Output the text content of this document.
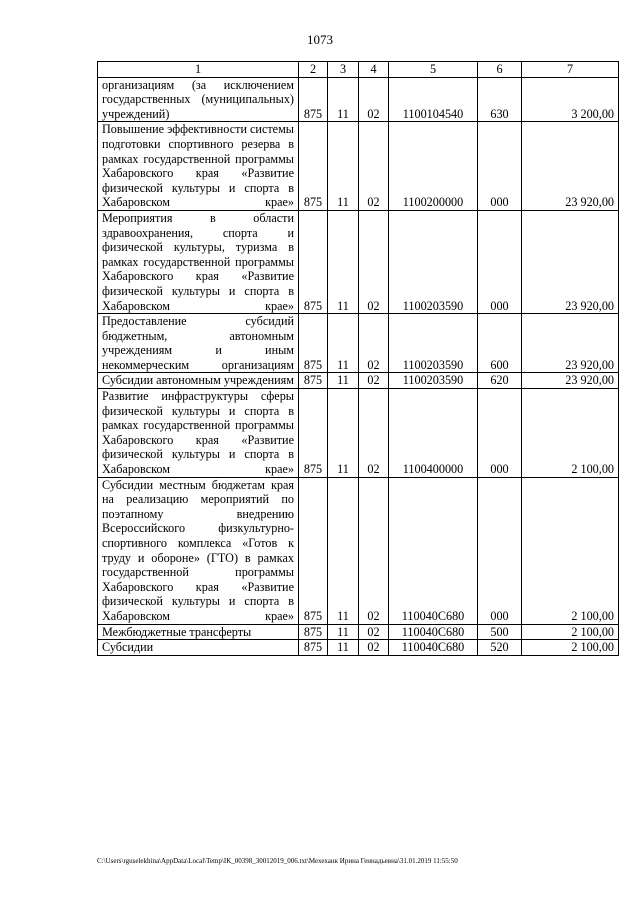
1073
1	2	3	4	5	6	7
организациям (за исключением государственных (муниципальных) учреждений)	875	11	02	1100104540	630	3 200,00
Повышение эффективности системы подготовки спортивного резерва в рамках государственной программы Хабаровского края «Развитие физической культуры и спорта в Хабаровском крае»	875	11	02	1100200000	000	23 920,00
Мероприятия в области здравоохранения, спорта и физической культуры, туризма в рамках государственной программы Хабаровского края «Развитие физической культуры и спорта в Хабаровском крае»	875	11	02	1100203590	000	23 920,00
Предоставление субсидий бюджетным, автономным учреждениям и иным некоммерческим организациям	875	11	02	1100203590	600	23 920,00
Субсидии автономным учреждениям	875	11	02	1100203590	620	23 920,00
Развитие инфраструктуры сферы физической культуры и спорта в рамках государственной программы Хабаровского края «Развитие физической культуры и спорта в Хабаровском крае»	875	11	02	1100400000	000	2 100,00
Субсидии местным бюджетам края на реализацию мероприятий по поэтапному внедрению Всероссийского физкультурно-спортивного комплекса «Готов к труду и обороне» (ГТО) в рамках государственной программы Хабаровского края «Развитие физической культуры и спорта в Хабаровском крае»	875	11	02	110040С680	000	2 100,00
Межбюджетные трансферты	875	11	02	110040С680	500	2 100,00
Субсидии	875	11	02	110040С680	520	2 100,00
C:\Users\rguselekhina\AppData\Local\Temp\IK_00398_30012019_006.txt\Мехеханк Ирина Геннадьевна\31.01.2019 11:55:50
